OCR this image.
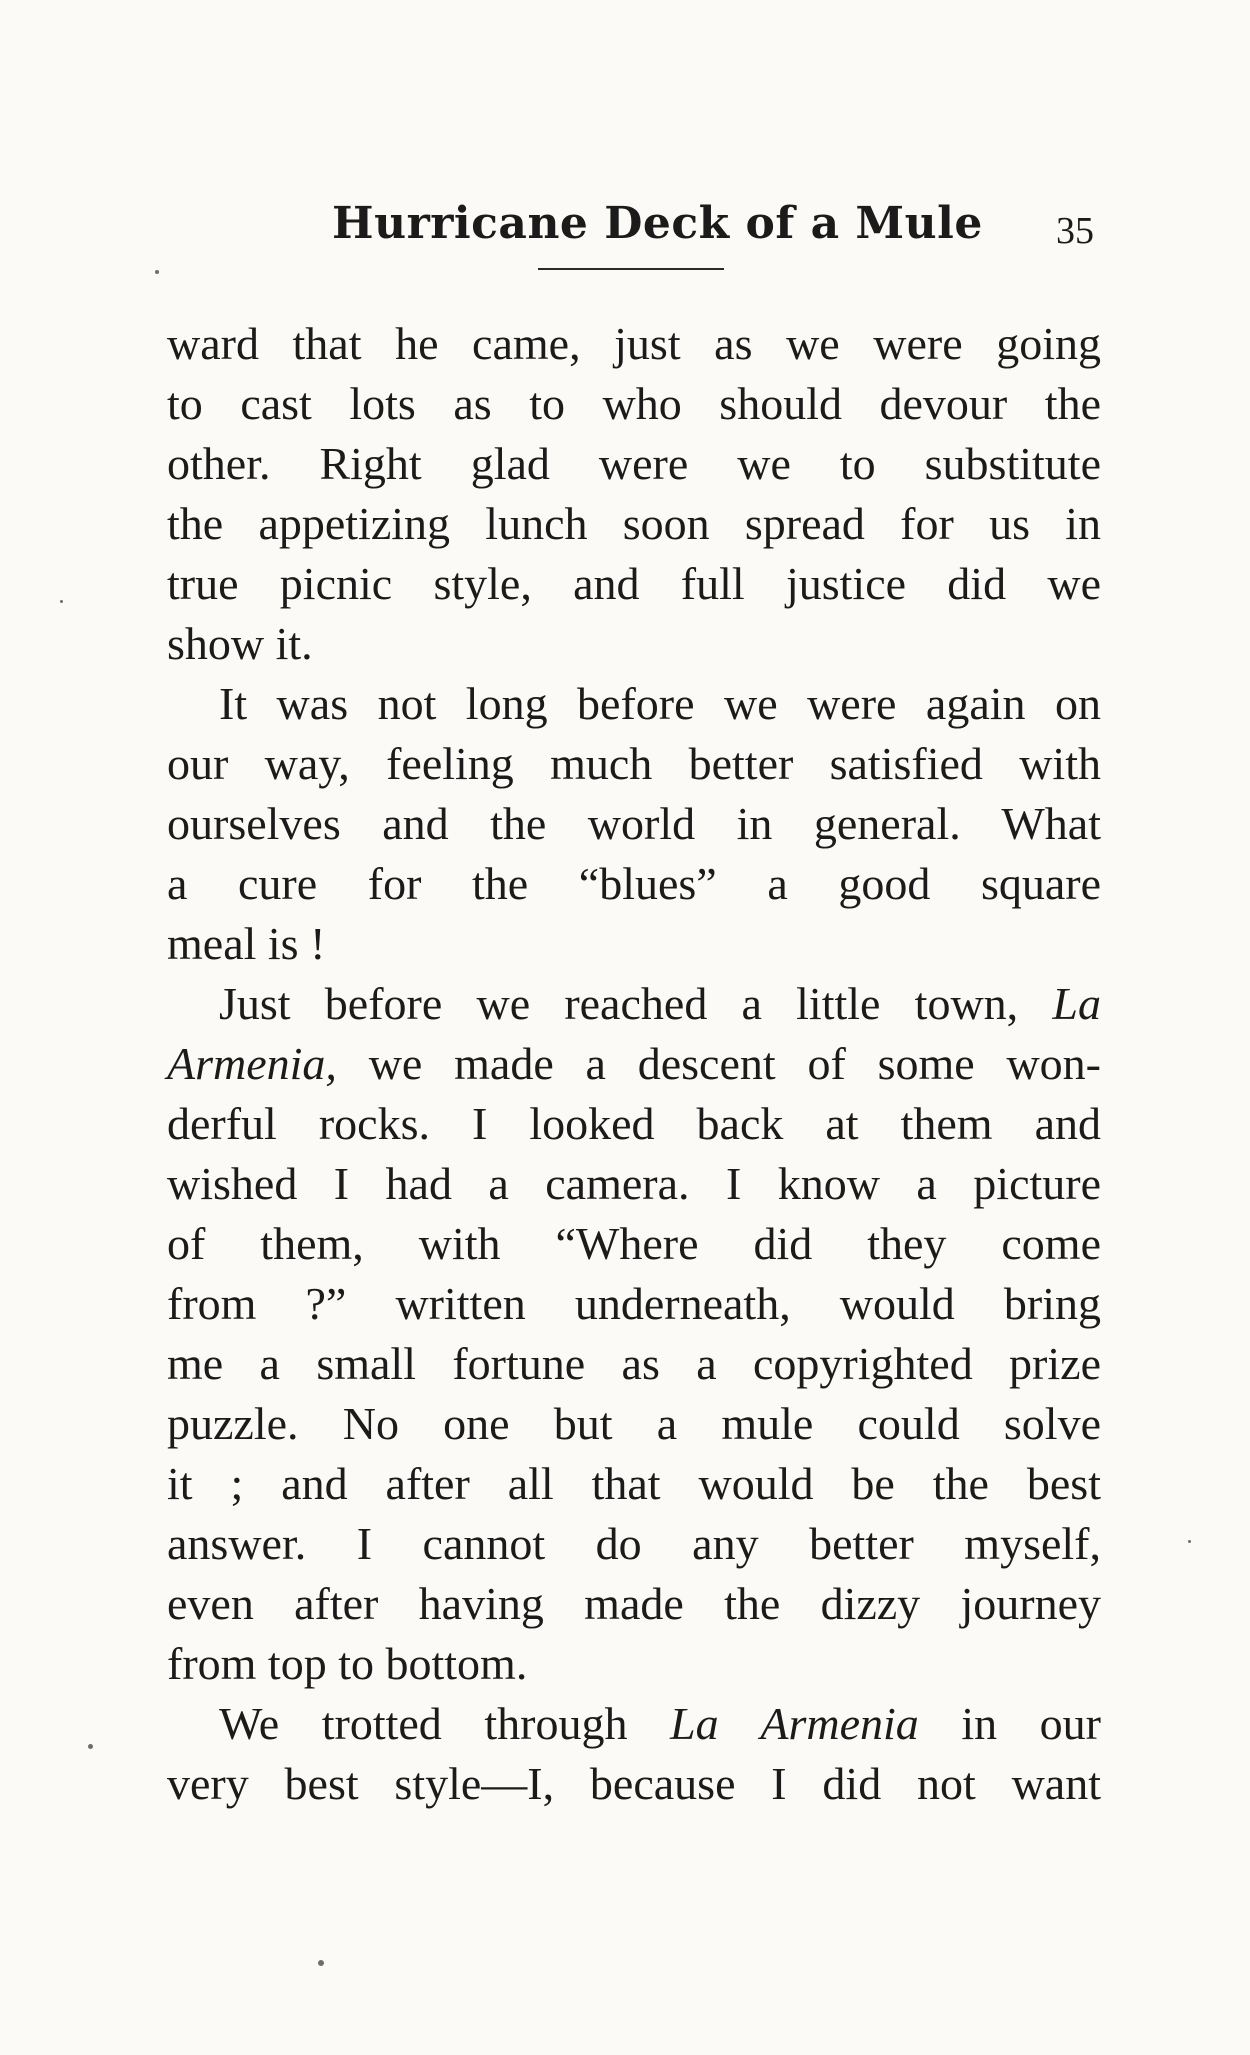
Hurricane Deck of a Mule 35
ward that he came, just as we were going
to cast lots as to who should devour the
other. Right glad were we to substitute
the appetizing lunch soon spread for us in
true picnic style, and full justice did we
show it.
It was not long before we were again on
our way, feeling much better satisfied with
ourselves and the world in general. What
a cure for the “blues” a good square
meal is !
Just before we reached a little town, La
Armenia, we made a descent of some won-
derful rocks. I looked back at them and
wished I had a camera. I know a picture
of them, with “Where did they come
from ?” written underneath, would bring
me a small fortune as a copyrighted prize
puzzle. No one but a mule could solve
it ; and after all that would be the best
answer. I cannot do any better myself,
even after having made the dizzy journey
from top to bottom.
We trotted through La Armenia in our
very best style—I, because I did not want
